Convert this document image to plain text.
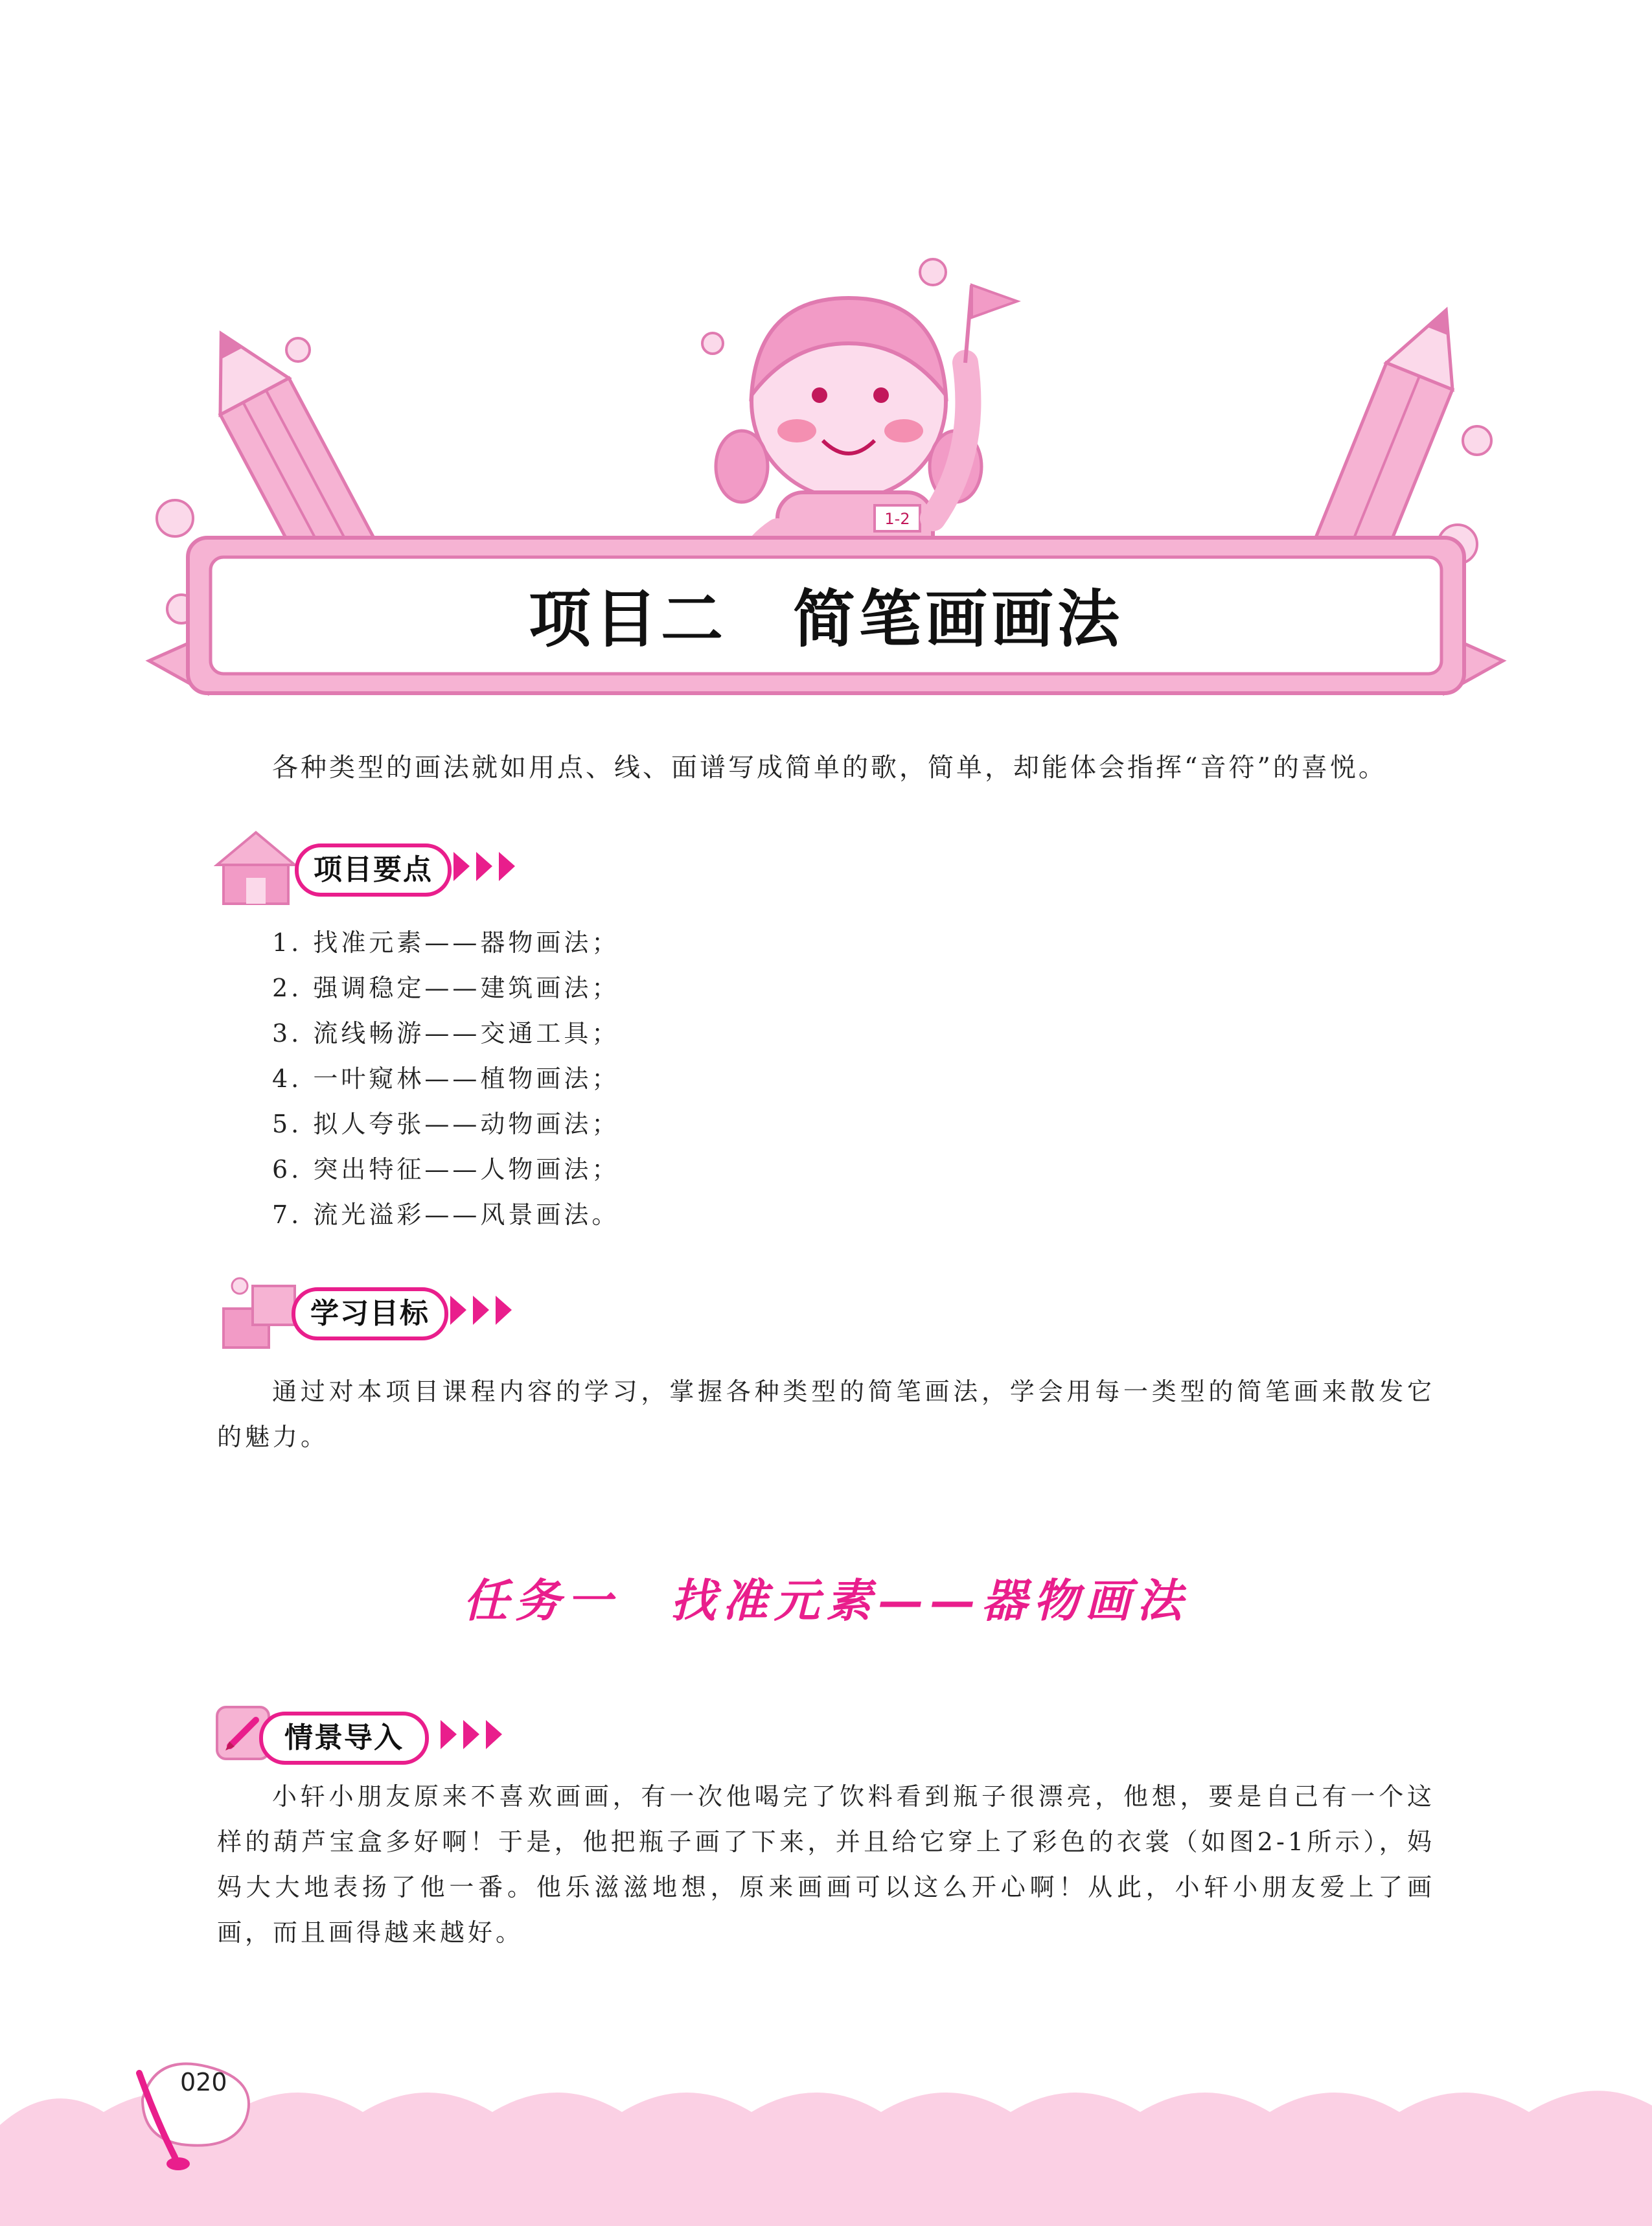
1-2
项目二　简笔画画法
各种类型的画法就如用点、线、面谱写成简单的歌，简单，却能体会指挥“音符”的喜悦。
项目要点
1. 找准元素——器物画法；
2. 强调稳定——建筑画法；
3. 流线畅游——交通工具；
4. 一叶窥林——植物画法；
5. 拟人夸张——动物画法；
6. 突出特征——人物画法；
7. 流光溢彩——风景画法。
学习目标
通过对本项目课程内容的学习，掌握各种类型的简笔画法，学会用每一类型的简笔画来散发它的魅力。
任务一　找准元素——器物画法
情景导入
小轩小朋友原来不喜欢画画，有一次他喝完了饮料看到瓶子很漂亮，他想，要是自己有一个这样的葫芦宝盒多好啊！于是，他把瓶子画了下来，并且给它穿上了彩色的衣裳（如图2-1所示），妈妈大大地表扬了他一番。他乐滋滋地想，原来画画可以这么开心啊！从此，小轩小朋友爱上了画画，而且画得越来越好。
020
